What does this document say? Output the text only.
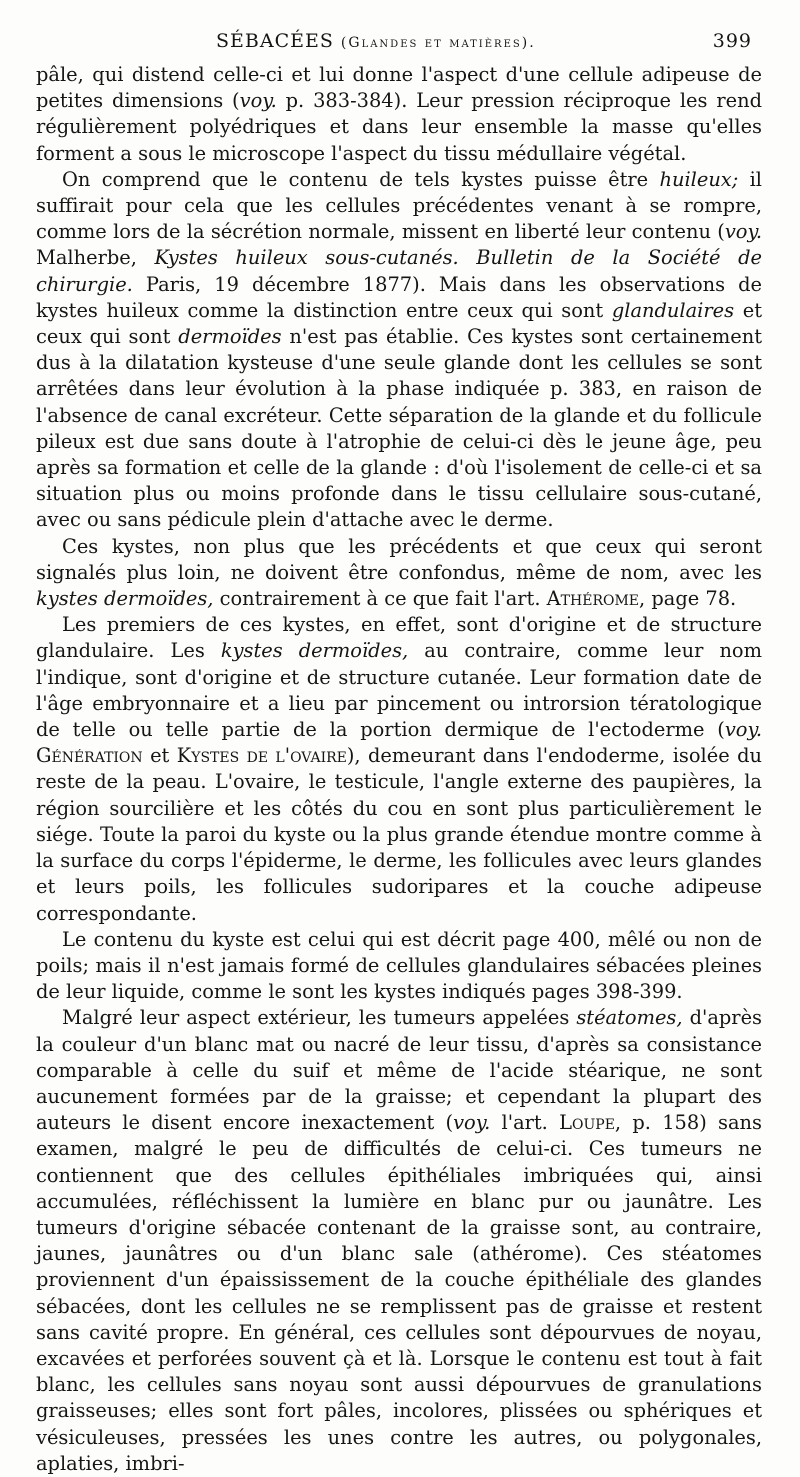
SÉBACÉES (Glandes et matières).	399

pâle, qui distend celle-ci et lui donne l'aspect d'une cellule adipeuse de petites dimensions (voy. p. 383-384). Leur pression réciproque les rend régulièrement polyédriques et dans leur ensemble la masse qu'elles forment a sous le microscope l'aspect du tissu médullaire végétal.

On comprend que le contenu de tels kystes puisse être huileux; il suffirait pour cela que les cellules précédentes venant à se rompre, comme lors de la sécrétion normale, missent en liberté leur contenu (voy. Malherbe, Kystes huileux sous-cutanés. Bulletin de la Société de chirurgie. Paris, 19 décembre 1877). Mais dans les observations de kystes huileux comme la distinction entre ceux qui sont glandulaires et ceux qui sont dermoïdes n'est pas établie. Ces kystes sont certainement dus à la dilatation kysteuse d'une seule glande dont les cellules se sont arrêtées dans leur évolution à la phase indiquée p. 383, en raison de l'absence de canal excréteur. Cette séparation de la glande et du follicule pileux est due sans doute à l'atrophie de celui-ci dès le jeune âge, peu après sa formation et celle de la glande : d'où l'isolement de celle-ci et sa situation plus ou moins profonde dans le tissu cellulaire sous-cutané, avec ou sans pédicule plein d'attache avec le derme.

Ces kystes, non plus que les précédents et que ceux qui seront signalés plus loin, ne doivent être confondus, même de nom, avec les kystes dermoïdes, contrairement à ce que fait l'art. Athérome, page 78.

Les premiers de ces kystes, en effet, sont d'origine et de structure glandulaire. Les kystes dermoïdes, au contraire, comme leur nom l'indique, sont d'origine et de structure cutanée. Leur formation date de l'âge embryonnaire et a lieu par pincement ou introrsion tératologique de telle ou telle partie de la portion dermique de l'ectoderme (voy. Génération et Kystes de l'ovaire), demeurant dans l'endoderme, isolée du reste de la peau. L'ovaire, le testicule, l'angle externe des paupières, la région sourcilière et les côtés du cou en sont plus particulièrement le siége. Toute la paroi du kyste ou la plus grande étendue montre comme à la surface du corps l'épiderme, le derme, les follicules avec leurs glandes et leurs poils, les follicules sudoripares et la couche adipeuse correspondante.

Le contenu du kyste est celui qui est décrit page 400, mêlé ou non de poils; mais il n'est jamais formé de cellules glandulaires sébacées pleines de leur liquide, comme le sont les kystes indiqués pages 398-399.

Malgré leur aspect extérieur, les tumeurs appelées stéatomes, d'après la couleur d'un blanc mat ou nacré de leur tissu, d'après sa consistance comparable à celle du suif et même de l'acide stéarique, ne sont aucunement formées par de la graisse; et cependant la plupart des auteurs le disent encore inexactement (voy. l'art. Loupe, p. 158) sans examen, malgré le peu de difficultés de celui-ci. Ces tumeurs ne contiennent que des cellules épithéliales imbriquées qui, ainsi accumulées, réfléchissent la lumière en blanc pur ou jaunâtre. Les tumeurs d'origine sébacée contenant de la graisse sont, au contraire, jaunes, jaunâtres ou d'un blanc sale (athérome). Ces stéatomes proviennent d'un épaississement de la couche épithéliale des glandes sébacées, dont les cellules ne se remplissent pas de graisse et restent sans cavité propre. En général, ces cellules sont dépourvues de noyau, excavées et perforées souvent çà et là. Lorsque le contenu est tout à fait blanc, les cellules sans noyau sont aussi dépourvues de granulations graisseuses; elles sont fort pâles, incolores, plissées ou sphériques et vésiculeuses, pressées les unes contre les autres, ou polygonales, aplaties, imbri-
